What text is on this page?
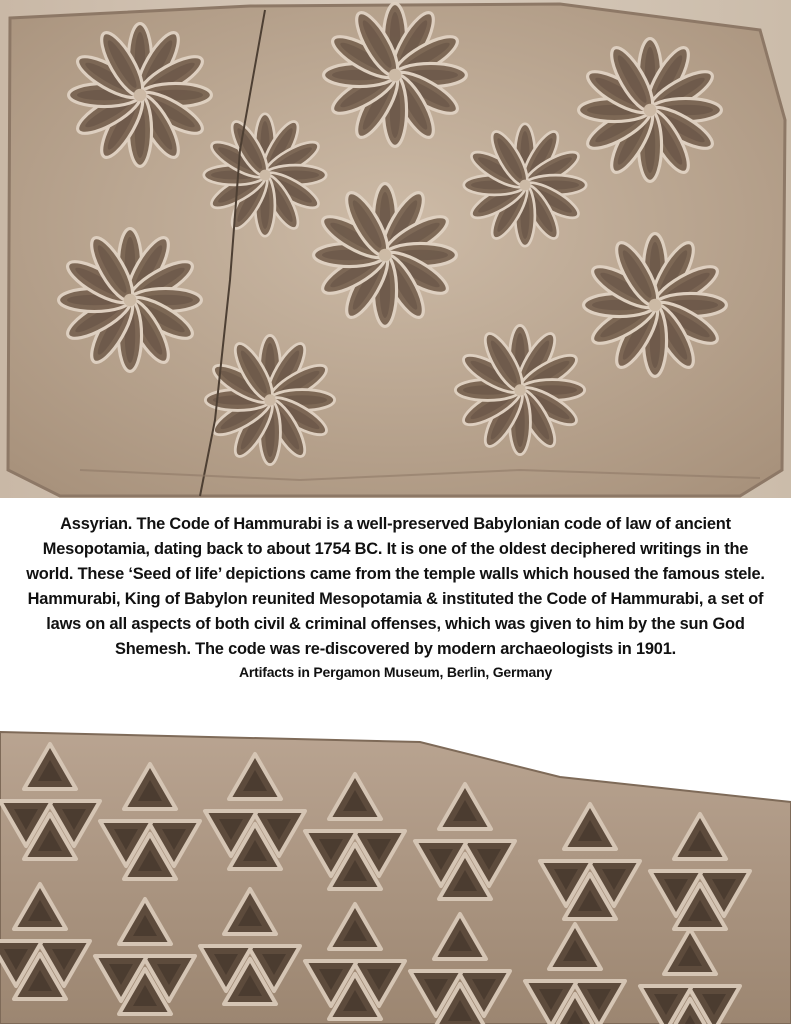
Assyrian. The Code of Hammurabi is a well-preserved Babylonian code of law of ancient Mesopotamia, dating back to about 1754 BC. It is one of the oldest deciphered writings in the world. These ‘Seed of life’ depictions came from the temple walls which housed the famous stele. Hammurabi, King of Babylon reunited Mesopotamia & instituted the Code of Hammurabi, a set of laws on all aspects of both civil & criminal offenses, which was given to him by the sun God Shemesh. The code was re-discovered by modern archaeologists in 1901.

Artifacts in Pergamon Museum, Berlin, Germany
